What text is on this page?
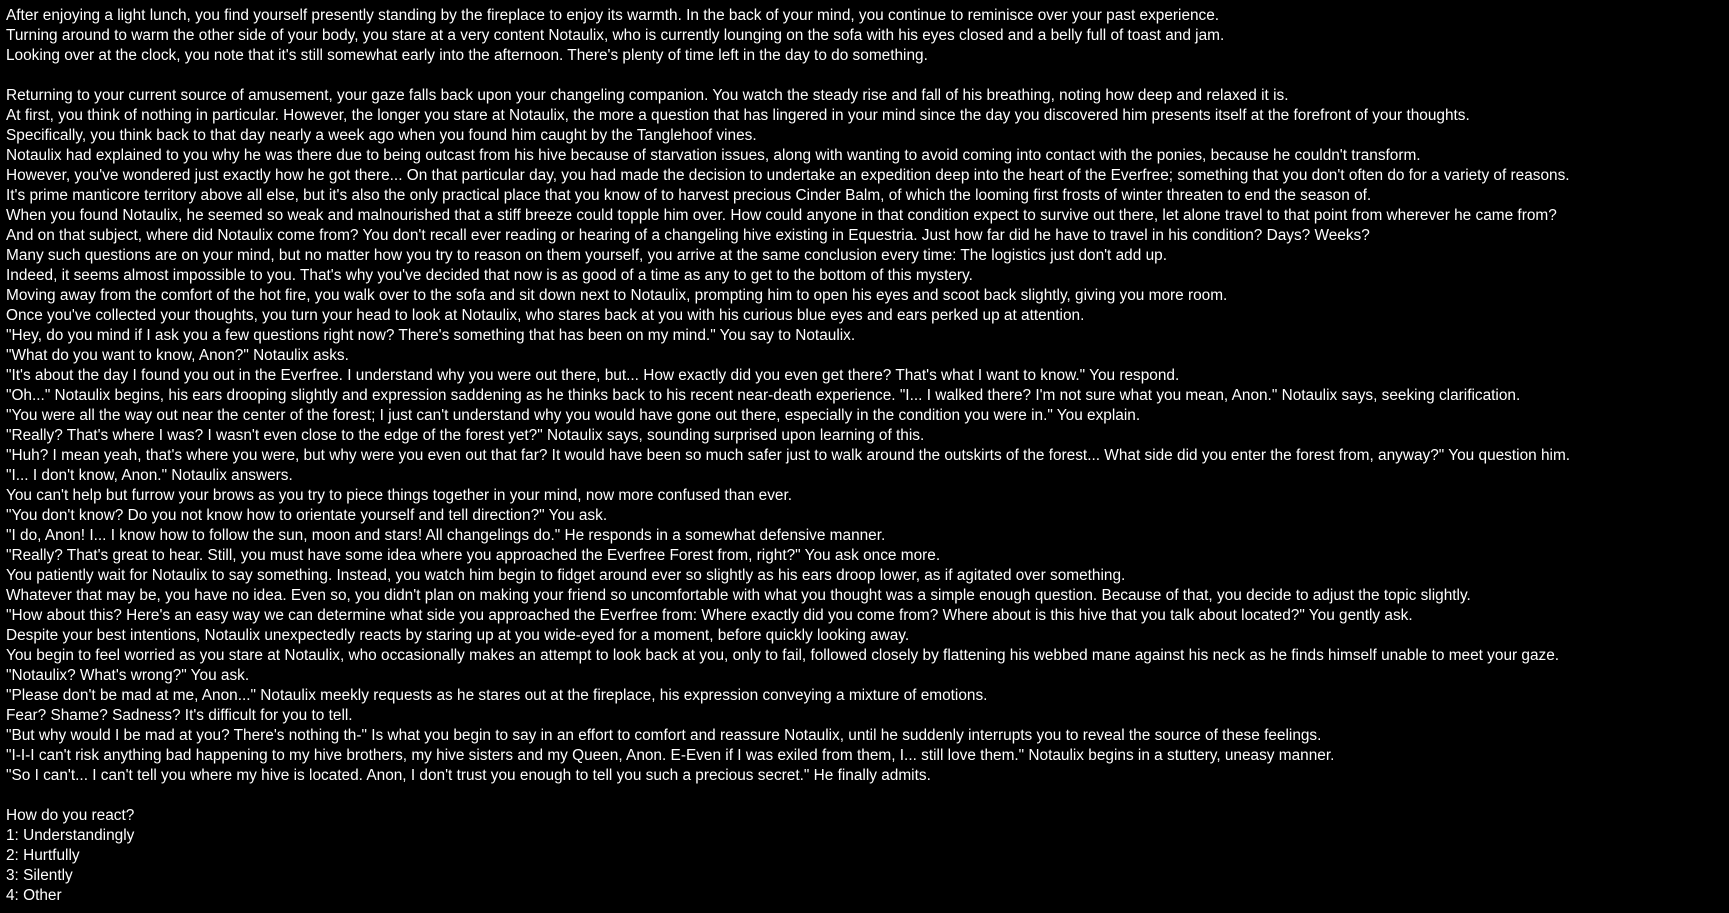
After enjoying a light lunch, you find yourself presently standing by the fireplace to enjoy its warmth. In the back of your mind, you continue to reminisce over your past experience.
Turning around to warm the other side of your body, you stare at a very content Notaulix, who is currently lounging on the sofa with his eyes closed and a belly full of toast and jam.
Looking over at the clock, you note that it's still somewhat early into the afternoon. There's plenty of time left in the day to do something.
Returning to your current source of amusement, your gaze falls back upon your changeling companion. You watch the steady rise and fall of his breathing, noting how deep and relaxed it is.
At first, you think of nothing in particular. However, the longer you stare at Notaulix, the more a question that has lingered in your mind since the day you discovered him presents itself at the forefront of your thoughts.
Specifically, you think back to that day nearly a week ago when you found him caught by the Tanglehoof vines.
Notaulix had explained to you why he was there due to being outcast from his hive because of starvation issues, along with wanting to avoid coming into contact with the ponies, because he couldn't transform.
However, you've wondered just exactly how he got there... On that particular day, you had made the decision to undertake an expedition deep into the heart of the Everfree; something that you don't often do for a variety of reasons.
It's prime manticore territory above all else, but it's also the only practical place that you know of to harvest precious Cinder Balm, of which the looming first frosts of winter threaten to end the season of.
When you found Notaulix, he seemed so weak and malnourished that a stiff breeze could topple him over. How could anyone in that condition expect to survive out there, let alone travel to that point from wherever he came from?
And on that subject, where did Notaulix come from? You don't recall ever reading or hearing of a changeling hive existing in Equestria. Just how far did he have to travel in his condition? Days? Weeks?
Many such questions are on your mind, but no matter how you try to reason on them yourself, you arrive at the same conclusion every time: The logistics just don't add up.
Indeed, it seems almost impossible to you. That's why you've decided that now is as good of a time as any to get to the bottom of this mystery.
Moving away from the comfort of the hot fire, you walk over to the sofa and sit down next to Notaulix, prompting him to open his eyes and scoot back slightly, giving you more room.
Once you've collected your thoughts, you turn your head to look at Notaulix, who stares back at you with his curious blue eyes and ears perked up at attention.
"Hey, do you mind if I ask you a few questions right now? There's something that has been on my mind." You say to Notaulix.
"What do you want to know, Anon?" Notaulix asks.
"It's about the day I found you out in the Everfree. I understand why you were out there, but... How exactly did you even get there? That's what I want to know." You respond.
"Oh..." Notaulix begins, his ears drooping slightly and expression saddening as he thinks back to his recent near-death experience. "I... I walked there? I'm not sure what you mean, Anon." Notaulix says, seeking clarification.
"You were all the way out near the center of the forest; I just can't understand why you would have gone out there, especially in the condition you were in." You explain.
"Really? That's where I was? I wasn't even close to the edge of the forest yet?" Notaulix says, sounding surprised upon learning of this.
"Huh? I mean yeah, that's where you were, but why were you even out that far? It would have been so much safer just to walk around the outskirts of the forest... What side did you enter the forest from, anyway?" You question him.
"I... I don't know, Anon." Notaulix answers.
You can't help but furrow your brows as you try to piece things together in your mind, now more confused than ever.
"You don't know? Do you not know how to orientate yourself and tell direction?" You ask.
"I do, Anon! I... I know how to follow the sun, moon and stars! All changelings do." He responds in a somewhat defensive manner.
"Really? That's great to hear. Still, you must have some idea where you approached the Everfree Forest from, right?" You ask once more.
You patiently wait for Notaulix to say something. Instead, you watch him begin to fidget around ever so slightly as his ears droop lower, as if agitated over something.
Whatever that may be, you have no idea. Even so, you didn't plan on making your friend so uncomfortable with what you thought was a simple enough question. Because of that, you decide to adjust the topic slightly.
"How about this? Here's an easy way we can determine what side you approached the Everfree from: Where exactly did you come from? Where about is this hive that you talk about located?" You gently ask.
Despite your best intentions, Notaulix unexpectedly reacts by staring up at you wide-eyed for a moment, before quickly looking away.
You begin to feel worried as you stare at Notaulix, who occasionally makes an attempt to look back at you, only to fail, followed closely by flattening his webbed mane against his neck as he finds himself unable to meet your gaze.
"Notaulix? What's wrong?" You ask.
"Please don't be mad at me, Anon..." Notaulix meekly requests as he stares out at the fireplace, his expression conveying a mixture of emotions.
Fear? Shame? Sadness? It's difficult for you to tell.
"But why would I be mad at you? There's nothing th-" Is what you begin to say in an effort to comfort and reassure Notaulix, until he suddenly interrupts you to reveal the source of these feelings.
"I-I-I can't risk anything bad happening to my hive brothers, my hive sisters and my Queen, Anon. E-Even if I was exiled from them, I... still love them." Notaulix begins in a stuttery, uneasy manner.
"So I can't... I can't tell you where my hive is located. Anon, I don't trust you enough to tell you such a precious secret." He finally admits.
How do you react?
1: Understandingly
2: Hurtfully
3: Silently
4: Other
